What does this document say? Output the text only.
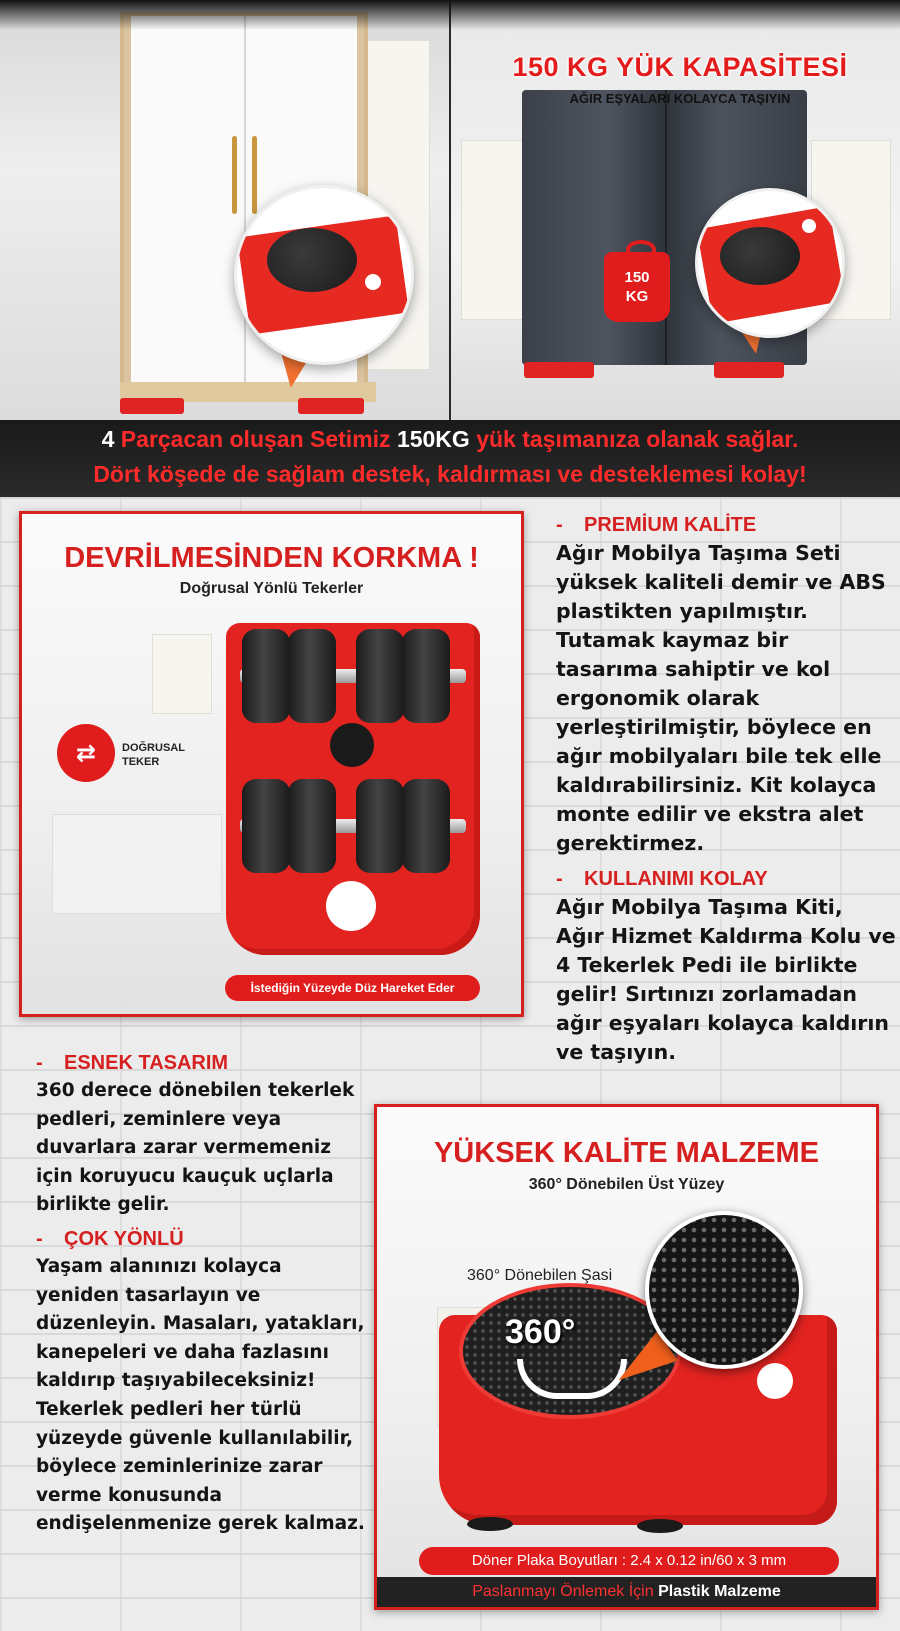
150
KG
150 KG YÜK KAPASİTESİ
AĞIR EŞYALARI KOLAYCA TAŞIYIN
4 Parçacan oluşan Setimiz 150KG yük taşımanıza olanak sağlar.
Dört köşede de sağlam destek, kaldırması ve desteklemesi kolay!
DEVRİLMESİNDEN KORKMA !
Doğrusal Yönlü Tekerler
⇄	DOĞRUSAL
TEKER
İstediğin Yüzeyde Düz Hareket Eder
- PREMİUM KALİTE
Ağır Mobilya Taşıma Seti yüksek kaliteli demir ve ABS plastikten yapılmıştır. Tutamak kaymaz bir tasarıma sahiptir ve kol ergonomik olarak yerleştirilmiştir, böylece en ağır mobilyaları bile tek elle kaldırabilirsiniz. Kit kolayca monte edilir ve ekstra alet gerektirmez.
- KULLANIMI KOLAY
Ağır Mobilya Taşıma Kiti, Ağır Hizmet Kaldırma Kolu ve 4 Tekerlek Pedi ile birlikte gelir! Sırtınızı zorlamadan ağır eşyaları kolayca kaldırın ve taşıyın.
- ESNEK TASARIM
360 derece dönebilen tekerlek pedleri, zeminlere veya duvarlara zarar vermemeniz için koruyucu kauçuk uçlarla birlikte gelir.
- ÇOK YÖNLÜ
Yaşam alanınızı kolayca yeniden tasarlayın ve düzenleyin. Masaları, yatakları, kanepeleri ve daha fazlasını kaldırıp taşıyabileceksiniz! Tekerlek pedleri her türlü yüzeyde güvenle kullanılabilir, böylece zeminlerinize zarar verme konusunda endişelenmenize gerek kalmaz.
YÜKSEK KALİTE MALZEME
360° Dönebilen Üst Yüzey
360°
360° Dönebilen Şasi
Döner Plaka Boyutları : 2.4 x 0.12 in/60 x 3 mm
Paslanmayı Önlemek İçin Plastik Malzeme
